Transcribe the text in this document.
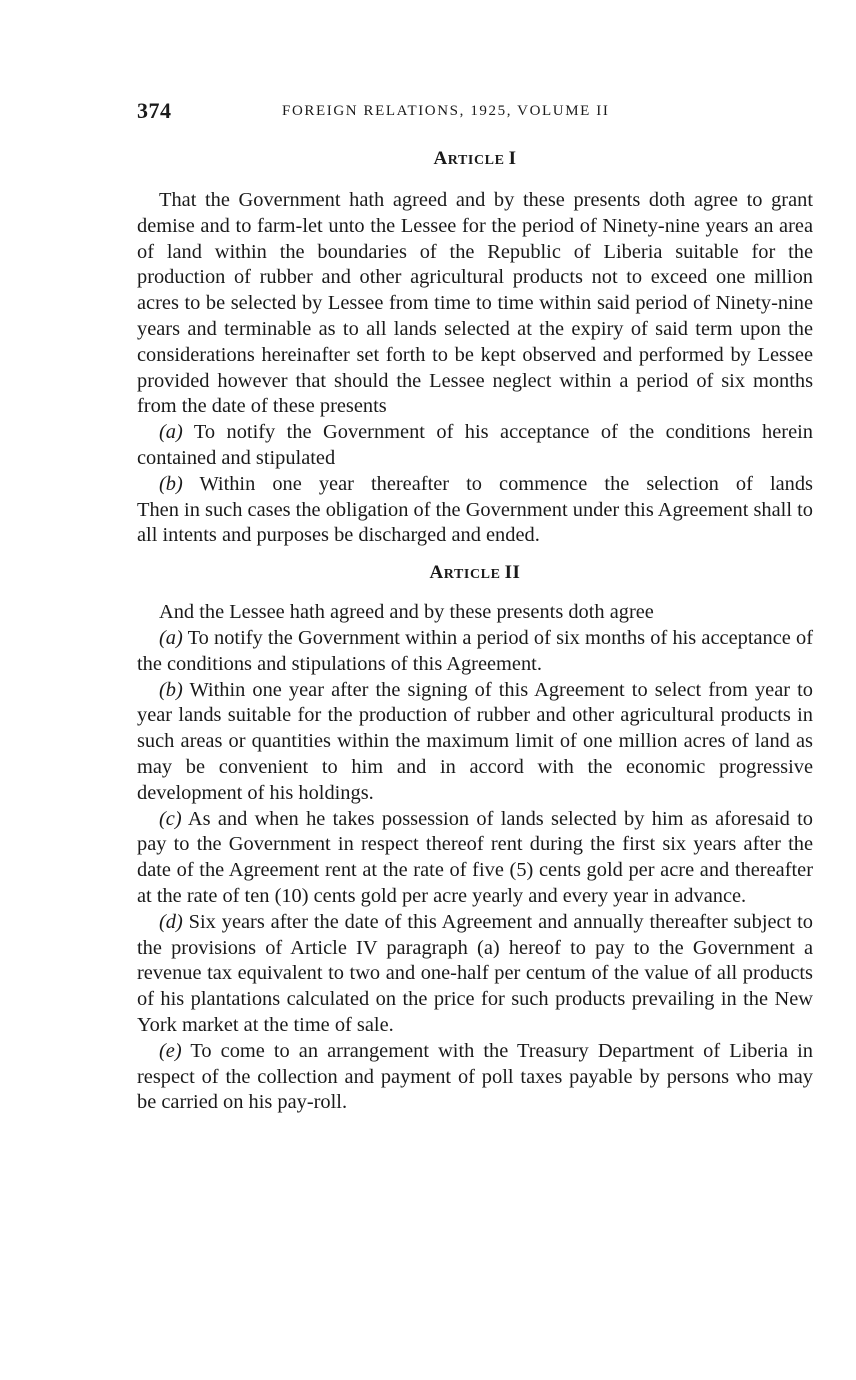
374	FOREIGN RELATIONS, 1925, VOLUME II
ARTICLE I

That the Government hath agreed and by these presents doth agree to grant demise and to farm-let unto the Lessee for the period of Ninety-nine years an area of land within the boundaries of the Republic of Liberia suitable for the production of rubber and other agricultural products not to exceed one million acres to be selected by Lessee from time to time within said period of Ninety-nine years and terminable as to all lands selected at the expiry of said term upon the considerations hereinafter set forth to be kept observed and performed by Lessee provided however that should the Lessee neglect within a period of six months from the date of these presents

(a) To notify the Government of his acceptance of the conditions herein contained and stipulated

(b) Within one year thereafter to commence the selection of lands

Then in such cases the obligation of the Government under this Agreement shall to all intents and purposes be discharged and ended.

ARTICLE II

And the Lessee hath agreed and by these presents doth agree

(a) To notify the Government within a period of six months of his acceptance of the conditions and stipulations of this Agreement.

(b) Within one year after the signing of this Agreement to select from year to year lands suitable for the production of rubber and other agricultural products in such areas or quantities within the maximum limit of one million acres of land as may be convenient to him and in accord with the economic progressive development of his holdings.

(c) As and when he takes possession of lands selected by him as aforesaid to pay to the Government in respect thereof rent during the first six years after the date of the Agreement rent at the rate of five (5) cents gold per acre and thereafter at the rate of ten (10) cents gold per acre yearly and every year in advance.

(d) Six years after the date of this Agreement and annually thereafter subject to the provisions of Article IV paragraph (a) hereof to pay to the Government a revenue tax equivalent to two and one-half per centum of the value of all products of his plantations calculated on the price for such products prevailing in the New York market at the time of sale.

(e) To come to an arrangement with the Treasury Department of Liberia in respect of the collection and payment of poll taxes payable by persons who may be carried on his pay-roll.
